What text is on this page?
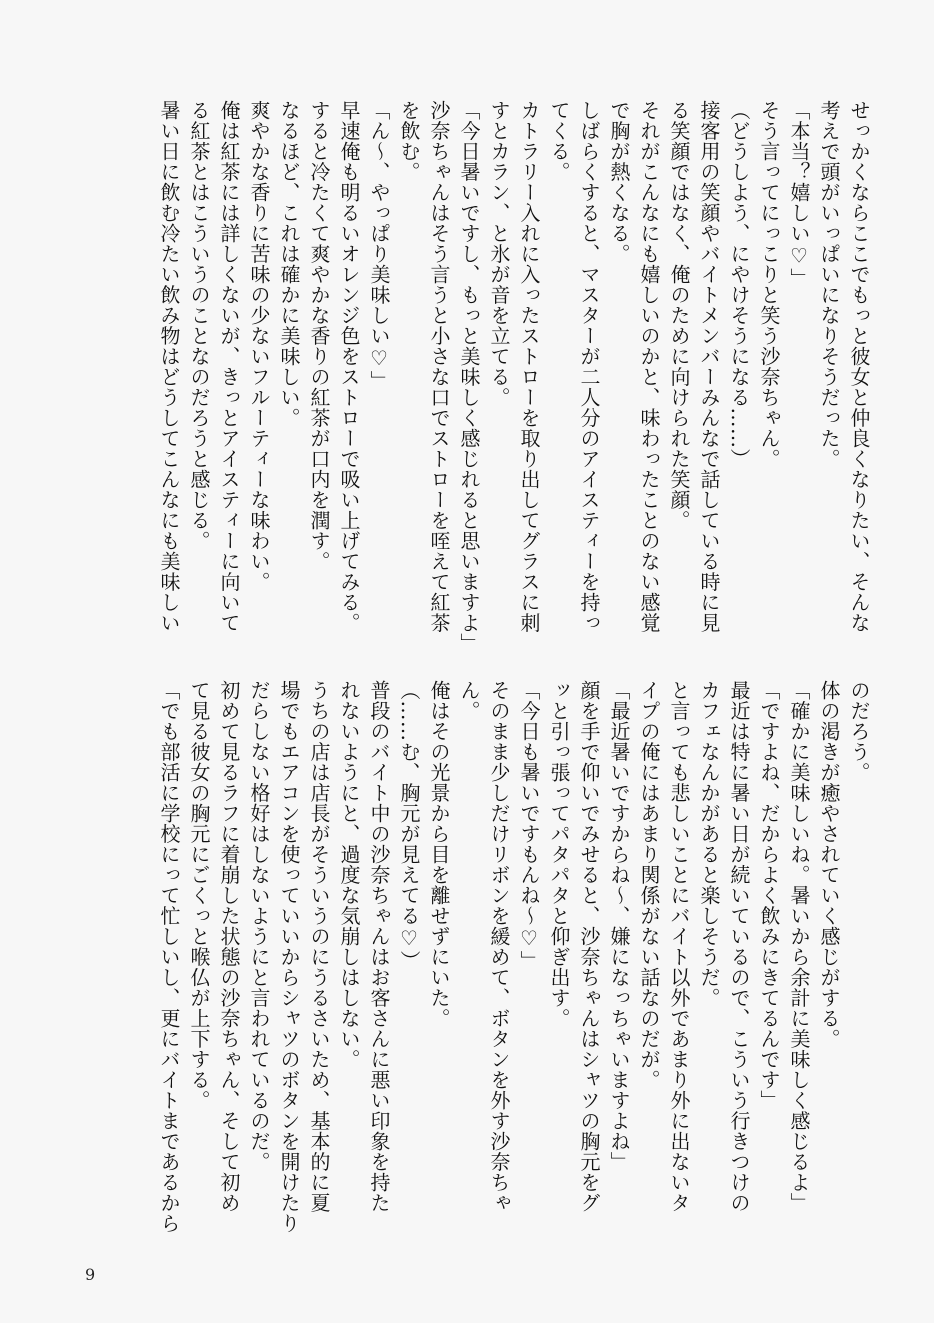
せっかくならここでもっと彼女と仲良くなりたい、そんな
考えで頭がいっぱいになりそうだった。
「本当？嬉しい♡」
そう言ってにっこりと笑う沙奈ちゃん。
（どうしよう、にやけそうになる……）
接客用の笑顔やバイトメンバーみんなで話している時に見
る笑顔ではなく、俺のために向けられた笑顔。
それがこんなにも嬉しいのかと、味わったことのない感覚
で胸が熱くなる。
しばらくすると、マスターが二人分のアイスティーを持っ
てくる。
カトラリー入れに入ったストローを取り出してグラスに刺
すとカラン、と氷が音を立てる。
「今日暑いですし、もっと美味しく感じれると思いますよ」
沙奈ちゃんはそう言うと小さな口でストローを咥えて紅茶
を飲む。
「ん〜、やっぱり美味しい♡」
早速俺も明るいオレンジ色をストローで吸い上げてみる。
すると冷たくて爽やかな香りの紅茶が口内を潤す。
なるほど、これは確かに美味しい。
爽やかな香りに苦味の少ないフルーティーな味わい。
俺は紅茶には詳しくないが、きっとアイスティーに向いて
る紅茶とはこういうのことなのだろうと感じる。
暑い日に飲む冷たい飲み物はどうしてこんなにも美味しい
のだろう。
体の渇きが癒やされていく感じがする。
「確かに美味しいね。暑いから余計に美味しく感じるよ」
「ですよね、だからよく飲みにきてるんです」
最近は特に暑い日が続いているので、こういう行きつけの
カフェなんかがあると楽しそうだ。
と言っても悲しいことにバイト以外であまり外に出ないタ
イプの俺にはあまり関係がない話なのだが。
「最近暑いですからね〜、嫌になっちゃいますよね」
顔を手で仰いでみせると、沙奈ちゃんはシャツの胸元をグ
ッと引っ張ってパタパタと仰ぎ出す。
「今日も暑いですもんね〜♡」
そのまま少しだけリボンを緩めて、ボタンを外す沙奈ちゃ
ん。
俺はその光景から目を離せずにいた。
（……む、胸元が見えてる♡）
普段のバイト中の沙奈ちゃんはお客さんに悪い印象を持た
れないようにと、過度な気崩しはしない。
うちの店は店長がそういうのにうるさいため、基本的に夏
場でもエアコンを使っていいからシャツのボタンを開けたり
だらしない格好はしないようにと言われているのだ。
初めて見るラフに着崩した状態の沙奈ちゃん、そして初め
て見る彼女の胸元にごくっと喉仏が上下する。
「でも部活に学校にって忙しいし、更にバイトまであるから
9
